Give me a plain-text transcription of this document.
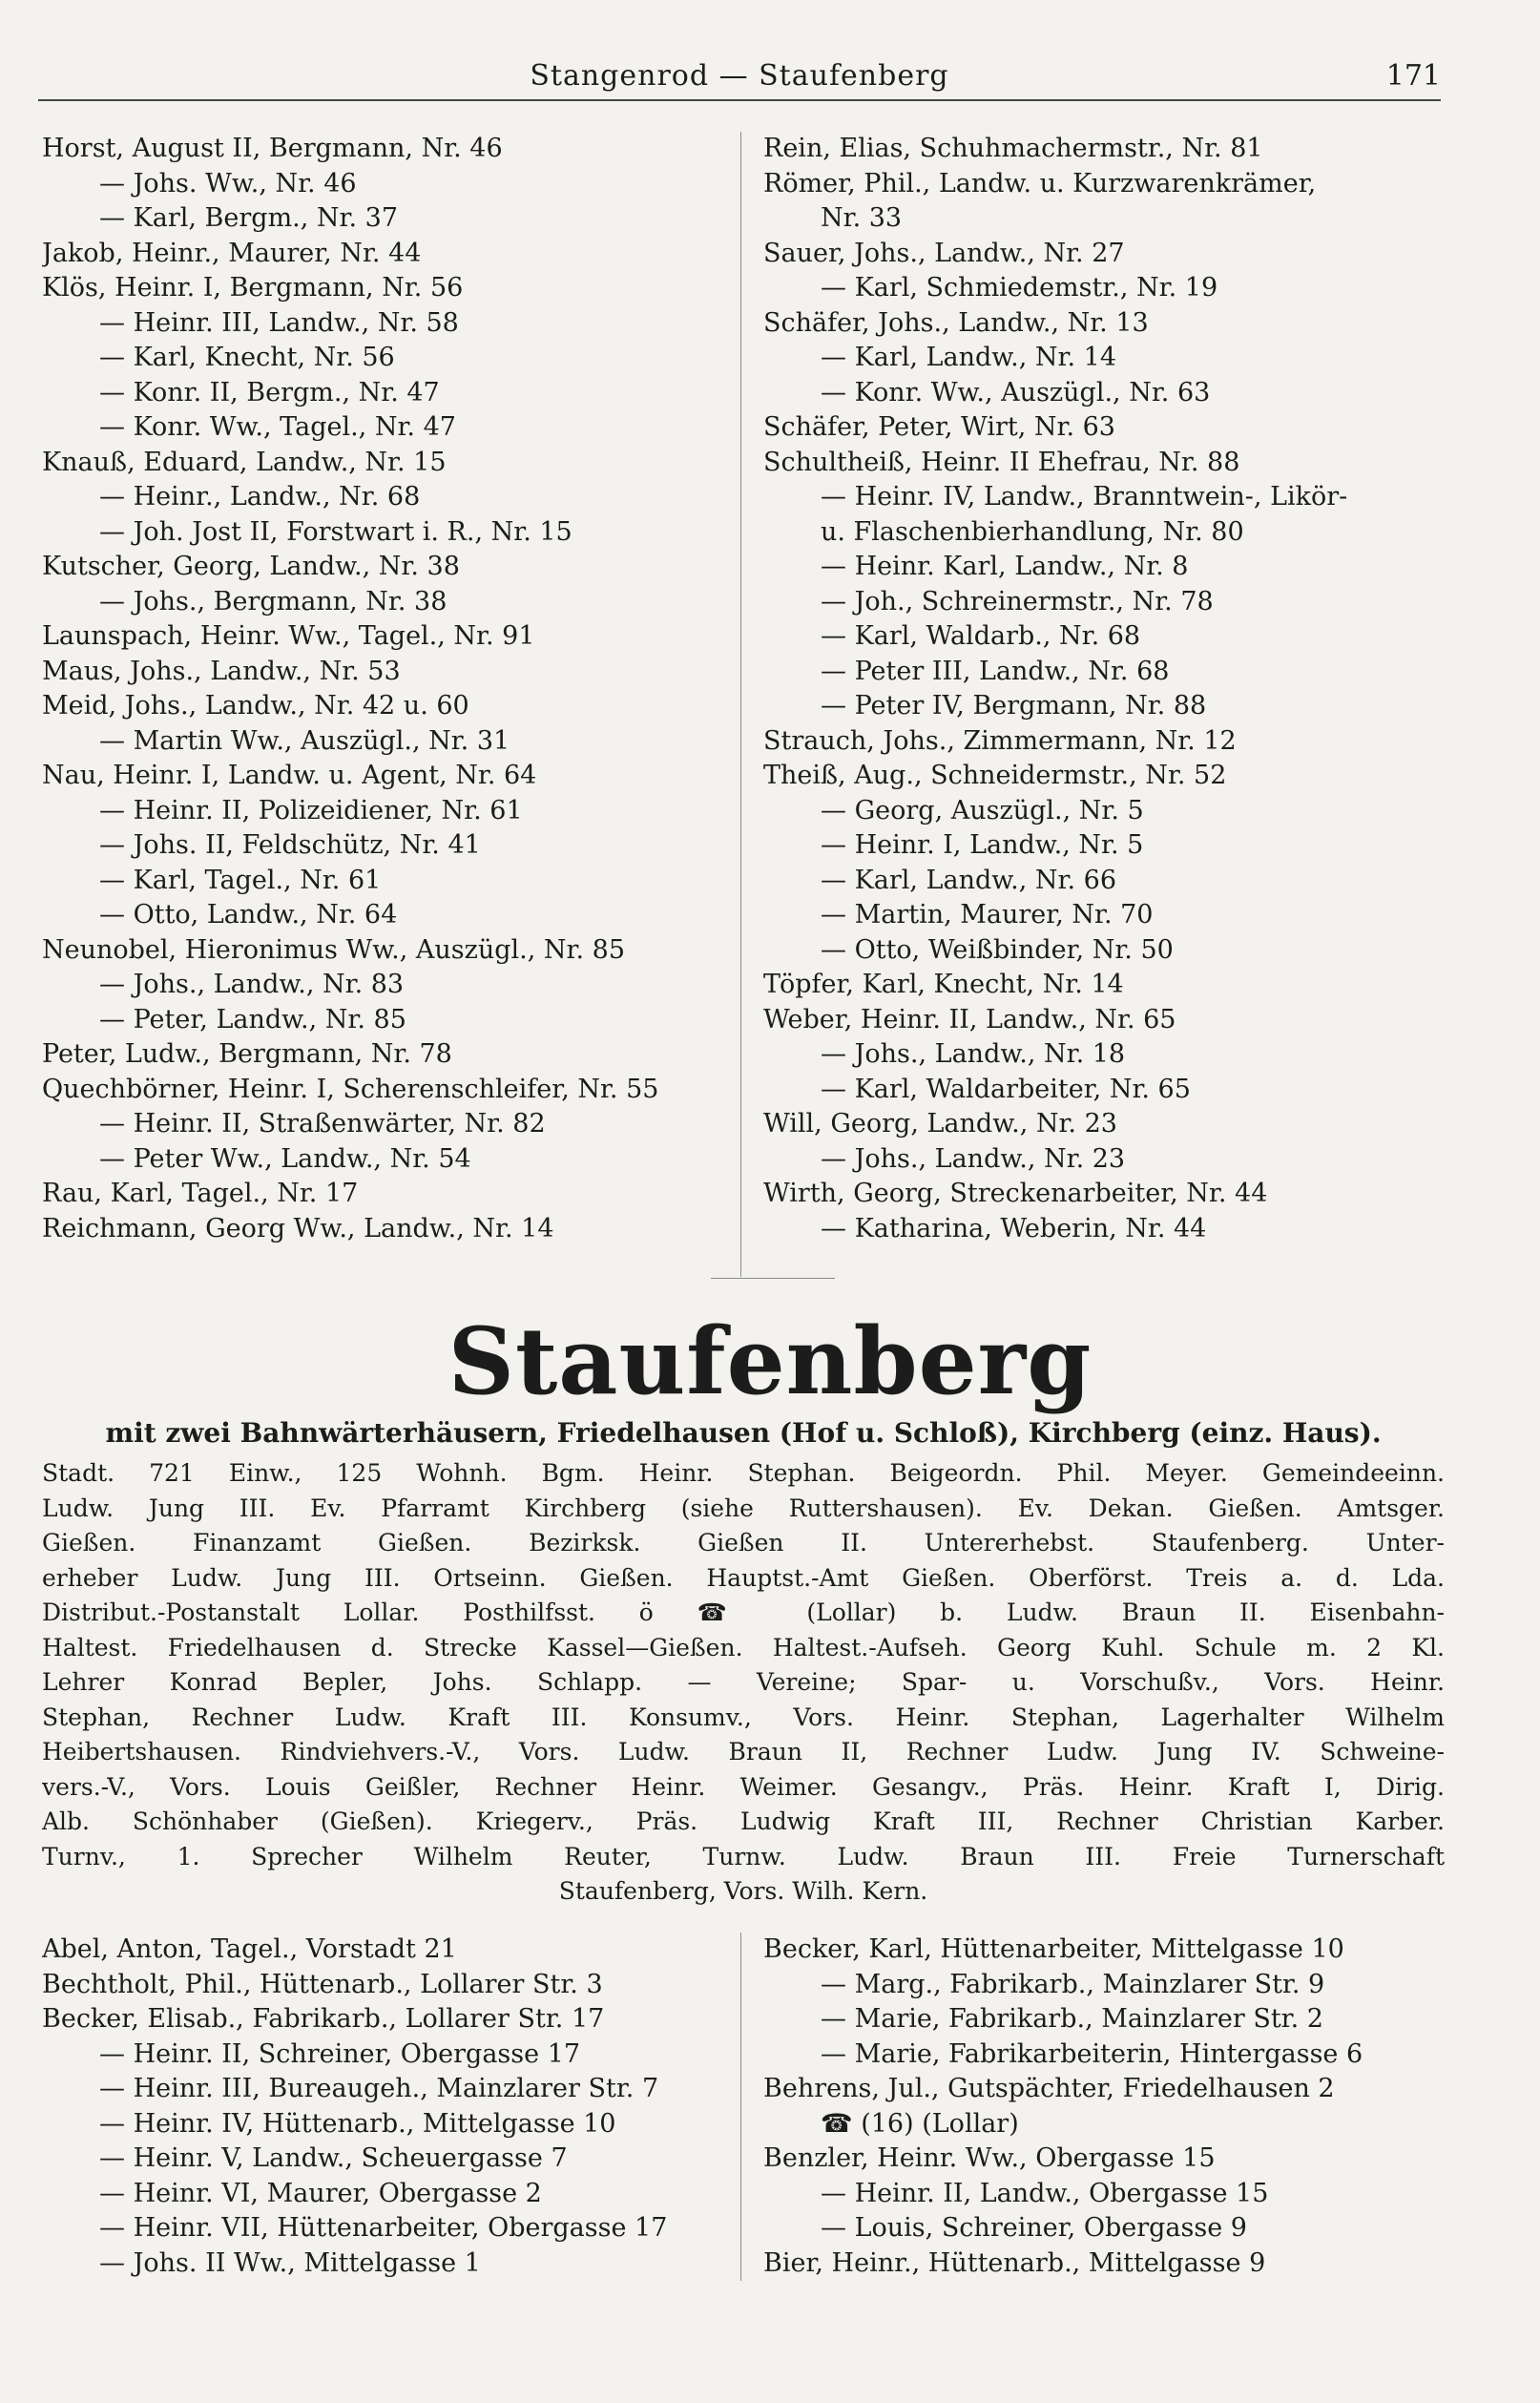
Stangenrod — Staufenberg	171
Horst, August II, Bergmann, Nr. 46
— Johs. Ww., Nr. 46
— Karl, Bergm., Nr. 37
Jakob, Heinr., Maurer, Nr. 44
Klös, Heinr. I, Bergmann, Nr. 56
— Heinr. III, Landw., Nr. 58
— Karl, Knecht, Nr. 56
— Konr. II, Bergm., Nr. 47
— Konr. Ww., Tagel., Nr. 47
Knauß, Eduard, Landw., Nr. 15
— Heinr., Landw., Nr. 68
— Joh. Jost II, Forstwart i. R., Nr. 15
Kutscher, Georg, Landw., Nr. 38
— Johs., Bergmann, Nr. 38
Launspach, Heinr. Ww., Tagel., Nr. 91
Maus, Johs., Landw., Nr. 53
Meid, Johs., Landw., Nr. 42 u. 60
— Martin Ww., Auszügl., Nr. 31
Nau, Heinr. I, Landw. u. Agent, Nr. 64
— Heinr. II, Polizeidiener, Nr. 61
— Johs. II, Feldschütz, Nr. 41
— Karl, Tagel., Nr. 61
— Otto, Landw., Nr. 64
Neunobel, Hieronimus Ww., Auszügl., Nr. 85
— Johs., Landw., Nr. 83
— Peter, Landw., Nr. 85
Peter, Ludw., Bergmann, Nr. 78
Quechbörner, Heinr. I, Scherenschleifer, Nr. 55
— Heinr. II, Straßenwärter, Nr. 82
— Peter Ww., Landw., Nr. 54
Rau, Karl, Tagel., Nr. 17
Reichmann, Georg Ww., Landw., Nr. 14
Rein, Elias, Schuhmachermstr., Nr. 81
Römer, Phil., Landw. u. Kurzwarenkrämer,
Nr. 33
Sauer, Johs., Landw., Nr. 27
— Karl, Schmiedemstr., Nr. 19
Schäfer, Johs., Landw., Nr. 13
— Karl, Landw., Nr. 14
— Konr. Ww., Auszügl., Nr. 63
Schäfer, Peter, Wirt, Nr. 63
Schultheiß, Heinr. II Ehefrau, Nr. 88
— Heinr. IV, Landw., Branntwein-, Likör-
u. Flaschenbierhandlung, Nr. 80
— Heinr. Karl, Landw., Nr. 8
— Joh., Schreinermstr., Nr. 78
— Karl, Waldarb., Nr. 68
— Peter III, Landw., Nr. 68
— Peter IV, Bergmann, Nr. 88
Strauch, Johs., Zimmermann, Nr. 12
Theiß, Aug., Schneidermstr., Nr. 52
— Georg, Auszügl., Nr. 5
— Heinr. I, Landw., Nr. 5
— Karl, Landw., Nr. 66
— Martin, Maurer, Nr. 70
— Otto, Weißbinder, Nr. 50
Töpfer, Karl, Knecht, Nr. 14
Weber, Heinr. II, Landw., Nr. 65
— Johs., Landw., Nr. 18
— Karl, Waldarbeiter, Nr. 65
Will, Georg, Landw., Nr. 23
— Johs., Landw., Nr. 23
Wirth, Georg, Streckenarbeiter, Nr. 44
— Katharina, Weberin, Nr. 44
Staufenberg
mit zwei Bahnwärterhäusern, Friedelhausen (Hof u. Schloß), Kirchberg (einz. Haus).
Stadt. 721 Einw., 125 Wohnh. Bgm. Heinr. Stephan. Beigeordn. Phil. Meyer. Gemeindeeinn.
Ludw. Jung III. Ev. Pfarramt Kirchberg (siehe Ruttershausen). Ev. Dekan. Gießen. Amtsger.
Gießen. Finanzamt Gießen. Bezirksk. Gießen II. Untererhebst. Staufenberg. Unter-
erheber Ludw. Jung III. Ortseinn. Gießen. Hauptst.-Amt Gießen. Oberförst. Treis a. d. Lda.
Distribut.-Postanstalt Lollar. Posthilfsst. ö ☎ (Lollar) b. Ludw. Braun II. Eisenbahn-
Haltest. Friedelhausen d. Strecke Kassel—Gießen. Haltest.-Aufseh. Georg Kuhl. Schule m. 2 Kl.
Lehrer Konrad Bepler, Johs. Schlapp. — Vereine; Spar- u. Vorschußv., Vors. Heinr.
Stephan, Rechner Ludw. Kraft III. Konsumv., Vors. Heinr. Stephan, Lagerhalter Wilhelm
Heibertshausen. Rindviehvers.-V., Vors. Ludw. Braun II, Rechner Ludw. Jung IV. Schweine-
vers.-V., Vors. Louis Geißler, Rechner Heinr. Weimer. Gesangv., Präs. Heinr. Kraft I, Dirig.
Alb. Schönhaber (Gießen). Kriegerv., Präs. Ludwig Kraft III, Rechner Christian Karber.
Turnv., 1. Sprecher Wilhelm Reuter, Turnw. Ludw. Braun III. Freie Turnerschaft
Staufenberg, Vors. Wilh. Kern.
Abel, Anton, Tagel., Vorstadt 21
Bechtholt, Phil., Hüttenarb., Lollarer Str. 3
Becker, Elisab., Fabrikarb., Lollarer Str. 17
— Heinr. II, Schreiner, Obergasse 17
— Heinr. III, Bureaugeh., Mainzlarer Str. 7
— Heinr. IV, Hüttenarb., Mittelgasse 10
— Heinr. V, Landw., Scheuergasse 7
— Heinr. VI, Maurer, Obergasse 2
— Heinr. VII, Hüttenarbeiter, Obergasse 17
— Johs. II Ww., Mittelgasse 1
Becker, Karl, Hüttenarbeiter, Mittelgasse 10
— Marg., Fabrikarb., Mainzlarer Str. 9
— Marie, Fabrikarb., Mainzlarer Str. 2
— Marie, Fabrikarbeiterin, Hintergasse 6
Behrens, Jul., Gutspächter, Friedelhausen 2
☎ (16) (Lollar)
Benzler, Heinr. Ww., Obergasse 15
— Heinr. II, Landw., Obergasse 15
— Louis, Schreiner, Obergasse 9
Bier, Heinr., Hüttenarb., Mittelgasse 9
